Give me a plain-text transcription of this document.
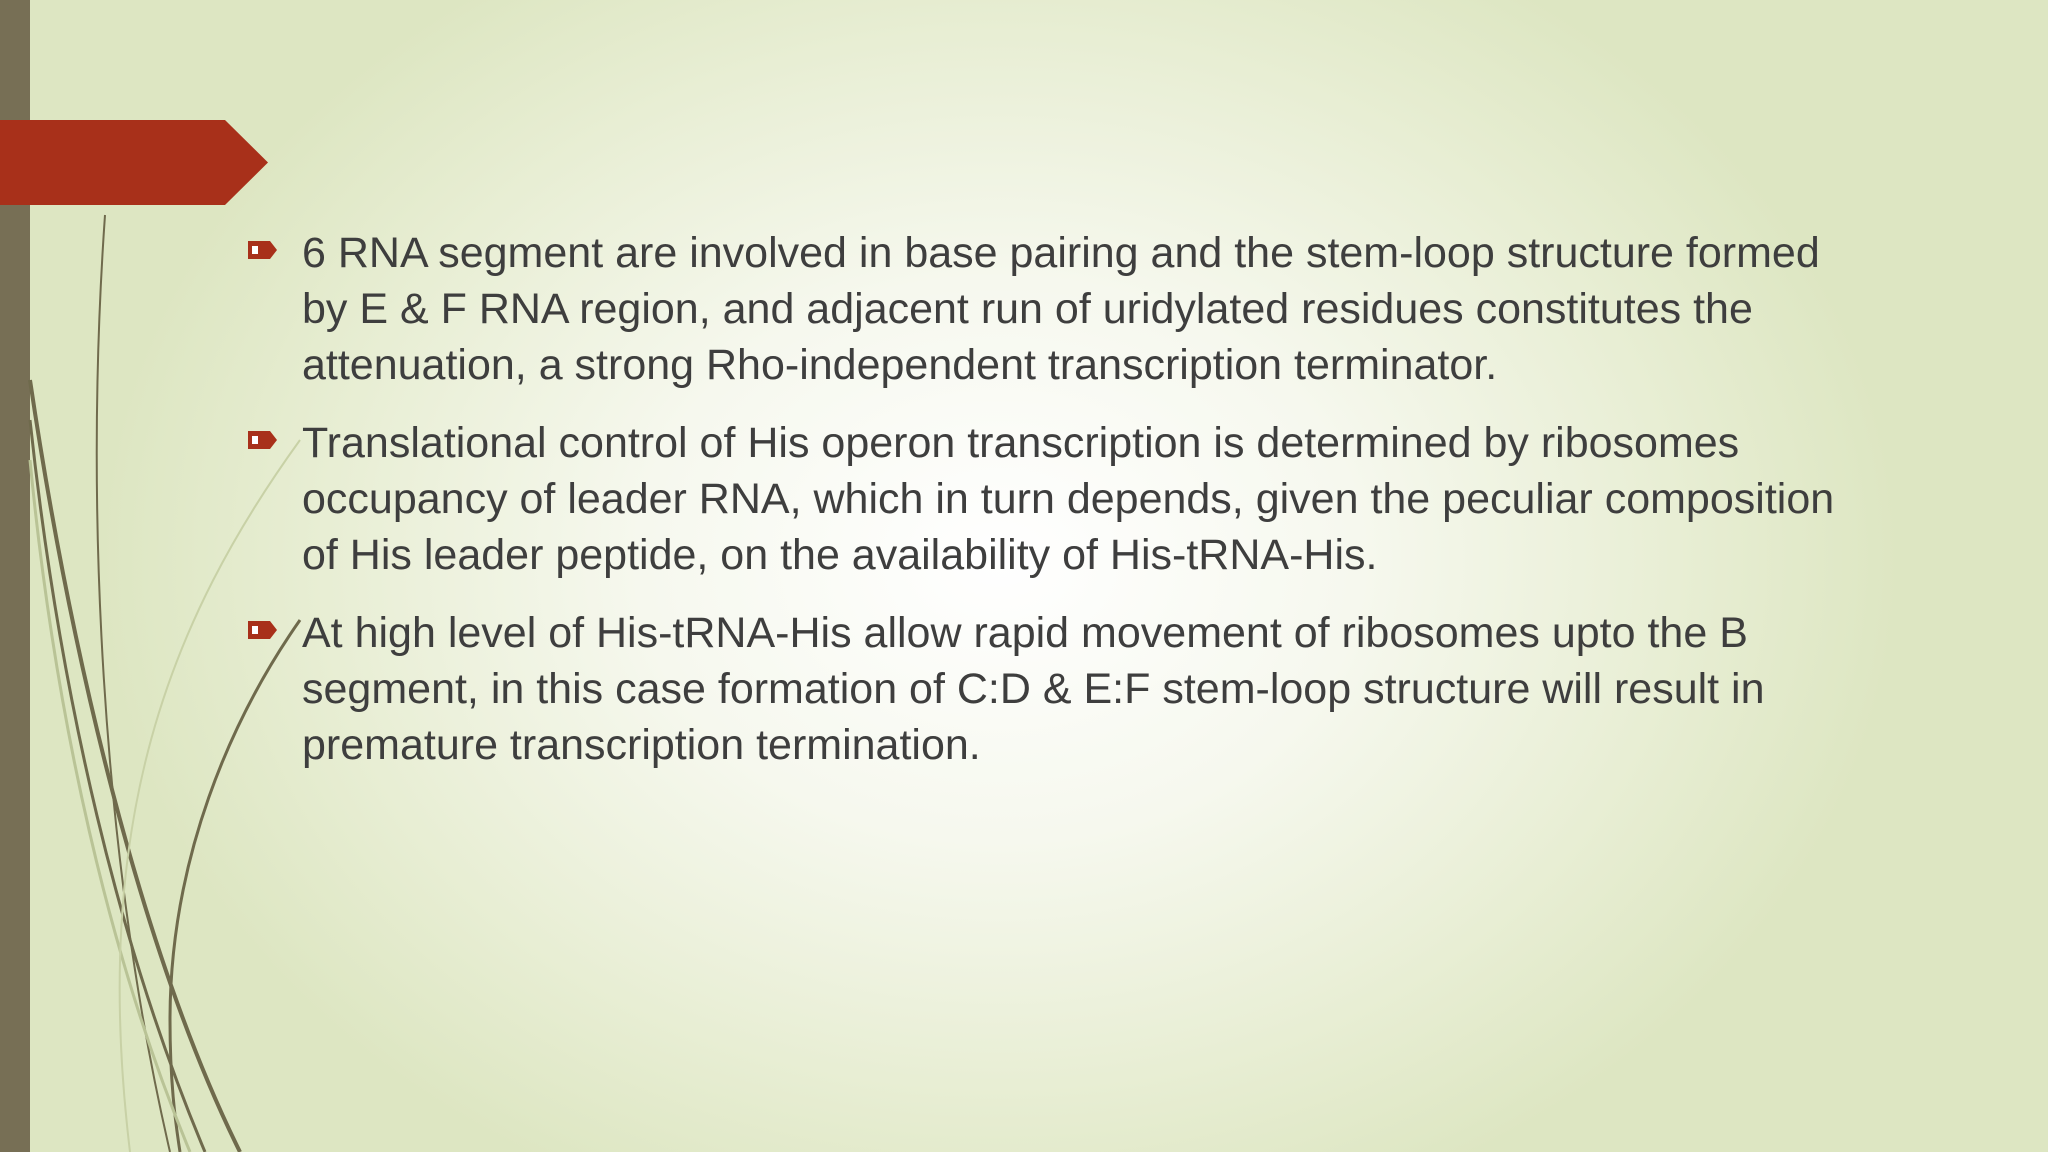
6 RNA segment are involved in base pairing and the stem-loop structure formed by E & F RNA region, and adjacent run of uridylated residues constitutes the attenuation, a strong Rho-independent transcription terminator.
Translational control of His operon transcription is determined by ribosomes occupancy of leader RNA, which in turn depends, given the peculiar composition of His leader peptide, on the availability of His-tRNA-His.
At high level of His-tRNA-His allow rapid movement of ribosomes upto the B segment, in this case formation of C:D & E:F stem-loop structure will result in premature transcription termination.
